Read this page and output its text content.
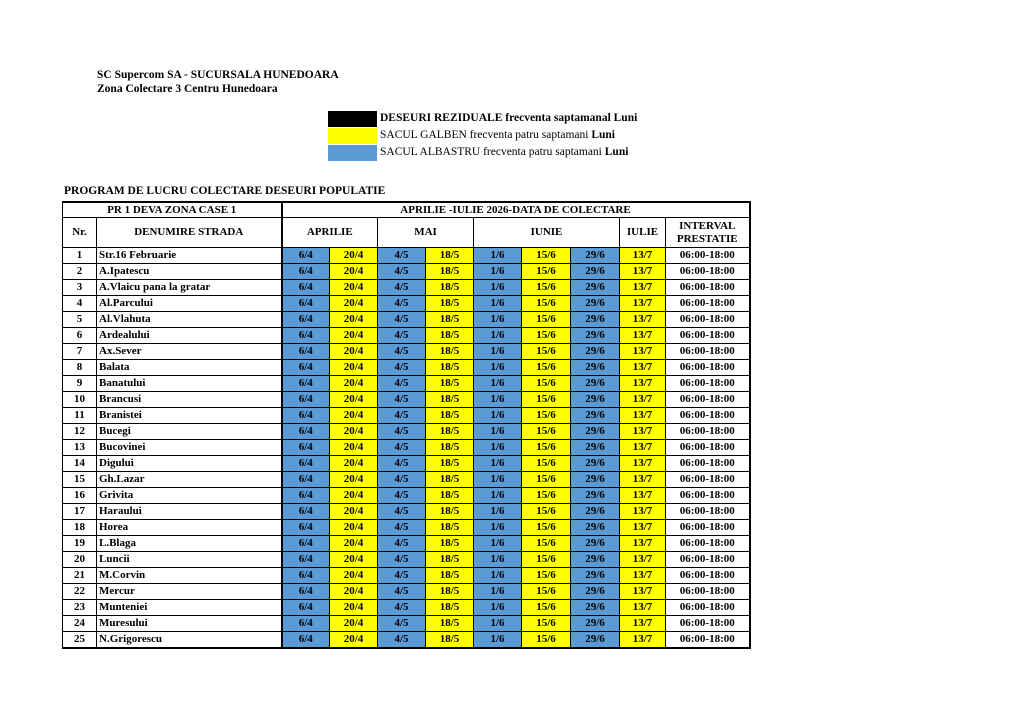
SC Supercom SA - SUCURSALA HUNEDOARA
Zona Colectare 3 Centru Hunedoara
DESEURI REZIDUALE frecventa saptamanal Luni
SACUL GALBEN frecventa patru saptamani Luni
SACUL ALBASTRU frecventa patru saptamani Luni
PROGRAM DE LUCRU COLECTARE DESEURI POPULATIE
PR 1 DEVA ZONA CASE 1		APRILIE -IULIE 2026-DATA DE COLECTARE								
Nr.	DENUMIRE STRADA	APRILIE		MAI		IUNIE			IULIE	INTERVAL
PRESTATIE

1	Str.16 Februarie	6/4	20/4	4/5	18/5	1/6	15/6	29/6	13/7	06:00-18:00
2	A.Ipatescu	6/4	20/4	4/5	18/5	1/6	15/6	29/6	13/7	06:00-18:00
3	A.Vlaicu pana la gratar	6/4	20/4	4/5	18/5	1/6	15/6	29/6	13/7	06:00-18:00
4	Al.Parcului	6/4	20/4	4/5	18/5	1/6	15/6	29/6	13/7	06:00-18:00
5	Al.Vlahuta	6/4	20/4	4/5	18/5	1/6	15/6	29/6	13/7	06:00-18:00
6	Ardealului	6/4	20/4	4/5	18/5	1/6	15/6	29/6	13/7	06:00-18:00
7	Ax.Sever	6/4	20/4	4/5	18/5	1/6	15/6	29/6	13/7	06:00-18:00
8	Balata	6/4	20/4	4/5	18/5	1/6	15/6	29/6	13/7	06:00-18:00
9	Banatului	6/4	20/4	4/5	18/5	1/6	15/6	29/6	13/7	06:00-18:00
10	Brancusi	6/4	20/4	4/5	18/5	1/6	15/6	29/6	13/7	06:00-18:00
11	Branistei	6/4	20/4	4/5	18/5	1/6	15/6	29/6	13/7	06:00-18:00
12	Bucegi	6/4	20/4	4/5	18/5	1/6	15/6	29/6	13/7	06:00-18:00
13	Bucovinei	6/4	20/4	4/5	18/5	1/6	15/6	29/6	13/7	06:00-18:00
14	Digului	6/4	20/4	4/5	18/5	1/6	15/6	29/6	13/7	06:00-18:00
15	Gh.Lazar	6/4	20/4	4/5	18/5	1/6	15/6	29/6	13/7	06:00-18:00
16	Grivita	6/4	20/4	4/5	18/5	1/6	15/6	29/6	13/7	06:00-18:00
17	Haraului	6/4	20/4	4/5	18/5	1/6	15/6	29/6	13/7	06:00-18:00
18	Horea	6/4	20/4	4/5	18/5	1/6	15/6	29/6	13/7	06:00-18:00
19	L.Blaga	6/4	20/4	4/5	18/5	1/6	15/6	29/6	13/7	06:00-18:00
20	Luncii	6/4	20/4	4/5	18/5	1/6	15/6	29/6	13/7	06:00-18:00
21	M.Corvin	6/4	20/4	4/5	18/5	1/6	15/6	29/6	13/7	06:00-18:00
22	Mercur	6/4	20/4	4/5	18/5	1/6	15/6	29/6	13/7	06:00-18:00
23	Munteniei	6/4	20/4	4/5	18/5	1/6	15/6	29/6	13/7	06:00-18:00
24	Muresului	6/4	20/4	4/5	18/5	1/6	15/6	29/6	13/7	06:00-18:00
25	N.Grigorescu	6/4	20/4	4/5	18/5	1/6	15/6	29/6	13/7	06:00-18:00
